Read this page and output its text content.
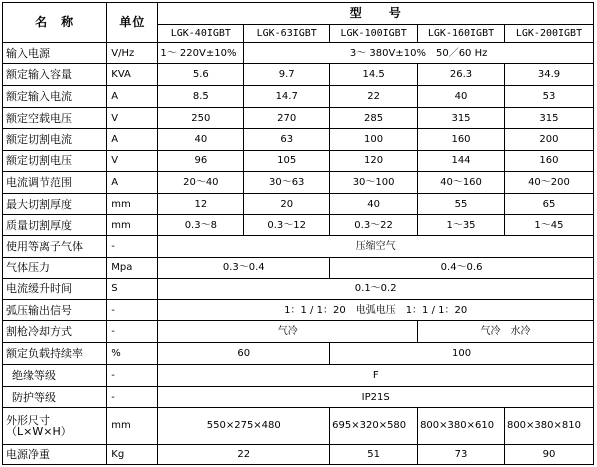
名　称	单位	型　　号				
		LGK-40IGBT	LGK-63IGBT	LGK-100IGBT	LGK-160IGBT	LGK-200IGBT
输入电源	V/Hz	1～ 220V±10%	3～ 380V±10%　50／60 Hz			
额定输入容量	KVA	5.6	9.7	14.5	26.3	34.9
额定输入电流	A	8.5	14.7	22	40	53
额定空载电压	V	250	270	285	315	315
额定切割电流	A	40	63	100	160	200
额定切割电压	V	96	105	120	144	160
电流调节范围	A	20～40	30～63	30～100	40～160	40～200
最大切割厚度	mm	12	20	40	55	65
质量切割厚度	mm	0.3～8	0.3～12	0.3～22	1～35	1～45
使用等离子气体	-	压缩空气				
气体压力	Mpa	0.3～0.4		0.4～0.6		
电流缓升时间	S	0.1～0.2				
弧压输出信号	-	1：1 / 1：20　电弧电压　1：1 / 1：20				
割枪冷却方式	-	气冷			气冷　水冷	
额定负载持续率	%	60		100		
绝缘等级	-	F				
防护等级	-	IP21S				
外形尺寸（L×W×H）	mm	550×275×480		695×320×580	800×380×610	800×380×810
电源净重	Kg	22		51	73	90
